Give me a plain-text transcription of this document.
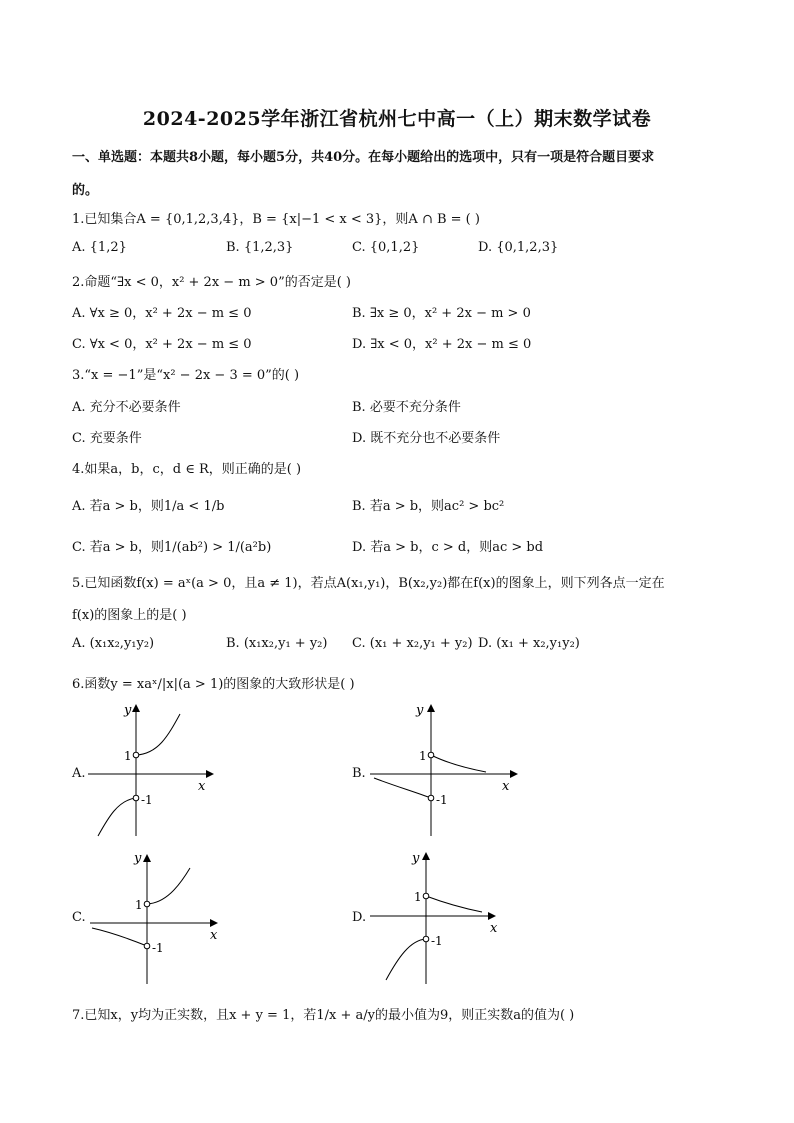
2024-2025学年浙江省杭州七中高一（上）期末数学试卷
一、单选题：本题共8小题，每小题5分，共40分。在每小题给出的选项中，只有一项是符合题目要求
的。
1.已知集合A = {0,1,2,3,4}，B = {x|−1 < x < 3}，则A ∩ B = ( )
A. {1,2}	B. {1,2,3}	C. {0,1,2}	D. {0,1,2,3}
2.命题“∃x < 0，x² + 2x − m > 0”的否定是( )
A. ∀x ≥ 0，x² + 2x − m ≤ 0	B. ∃x ≥ 0，x² + 2x − m > 0
C. ∀x < 0，x² + 2x − m ≤ 0	D. ∃x < 0，x² + 2x − m ≤ 0
3.“x = −1”是“x² − 2x − 3 = 0”的( )
A. 充分不必要条件	B. 必要不充分条件
C. 充要条件	D. 既不充分也不必要条件
4.如果a，b，c，d ∈ R，则正确的是( )
A. 若a > b，则1/a < 1/b	B. 若a > b，则ac² > bc²
C. 若a > b，则1/(ab²) > 1/(a²b)	D. 若a > b，c > d，则ac > bd
5.已知函数f(x) = aˣ(a > 0，且a ≠ 1)，若点A(x₁,y₁)，B(x₂,y₂)都在f(x)的图象上，则下列各点一定在
f(x)的图象上的是( )
A. (x₁x₂,y₁y₂)	B. (x₁x₂,y₁ + y₂) C. (x₁ + x₂,y₁ + y₂) D. (x₁ + x₂,y₁y₂)
6.函数y = xaˣ/|x|(a > 1)的图象的大致形状是( )
A.
y
x
1
-1
B.
y
x
1
-1
C.
y
x
1
-1
D.
y
x
1
-1
7.已知x，y均为正实数，且x + y = 1，若1/x + a/y的最小值为9，则正实数a的值为( )
